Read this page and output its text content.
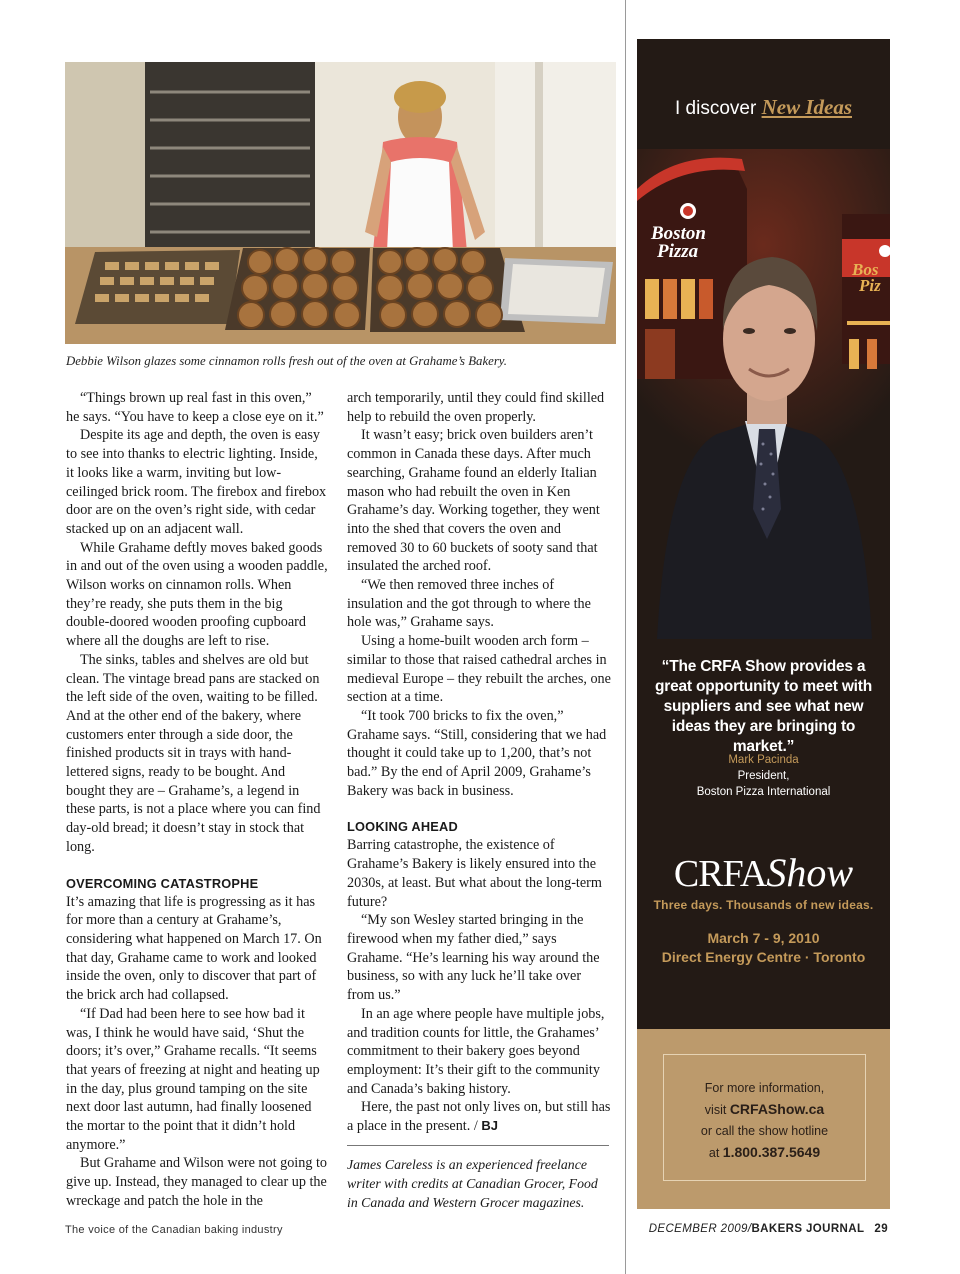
Debbie Wilson glazes some cinnamon rolls fresh out of the oven at Grahame’s Bakery.

“Things brown up real fast in this oven,” he says. “You have to keep a close eye on it.”

Despite its age and depth, the oven is easy to see into thanks to electric lighting. Inside, it looks like a warm, inviting but low-ceilinged brick room. The firebox and firebox door are on the oven’s right side, with cedar stacked up on an adjacent wall.

While Grahame deftly moves baked goods in and out of the oven using a wooden paddle, Wilson works on cinnamon rolls. When they’re ready, she puts them in the big double-doored wooden proofing cupboard where all the doughs are left to rise.

The sinks, tables and shelves are old but clean. The vintage bread pans are stacked on the left side of the oven, waiting to be filled. And at the other end of the bakery, where customers enter through a side door, the finished products sit in trays with hand-lettered signs, ready to be bought. And bought they are – Grahame’s, a legend in these parts, is not a place where you can find day-old bread; it doesn’t stay in stock that long.

OVERCOMING CATASTROPHE

It’s amazing that life is progressing as it has for more than a century at Grahame’s, considering what happened on March 17. On that day, Grahame came to work and looked inside the oven, only to discover that part of the brick arch had collapsed.

“If Dad had been here to see how bad it was, I think he would have said, ‘Shut the doors; it’s over,” Grahame recalls. “It seems that years of freezing at night and heating up in the day, plus ground tamping on the site next door last autumn, had finally loosened the mortar to the point that it didn’t hold anymore.”

But Grahame and Wilson were not going to give up. Instead, they managed to clear up the wreckage and patch the hole in the

arch temporarily, until they could find skilled help to rebuild the oven properly.

It wasn’t easy; brick oven builders aren’t common in Canada these days. After much searching, Grahame found an elderly Italian mason who had rebuilt the oven in Ken Grahame’s day. Working together, they went into the shed that covers the oven and removed 30 to 60 buckets of sooty sand that insulated the arched roof.

“We then removed three inches of insulation and the got through to where the hole was,” Grahame says.

Using a home-built wooden arch form – similar to those that raised cathedral arches in medieval Europe – they rebuilt the arches, one section at a time.

“It took 700 bricks to fix the oven,” Grahame says. “Still, considering that we had thought it could take up to 1,200, that’s not bad.” By the end of April 2009, Grahame’s Bakery was back in business.

LOOKING AHEAD

Barring catastrophe, the existence of Grahame’s Bakery is likely ensured into the 2030s, at least. But what about the long-term future?

“My son Wesley started bringing in the firewood when my father died,” says Grahame. “He’s learning his way around the business, so with any luck he’ll take over from us.”

In an age where people have multiple jobs, and tradition counts for little, the Grahames’ commitment to their bakery goes beyond employment: It’s their gift to the community and Canada’s baking history.

Here, the past not only lives on, but still has a place in the present. / BJ

James Careless is an experienced freelance writer with credits at Canadian Grocer, Food in Canada and Western Grocer magazines.

The voice of the Canadian baking industry	DECEMBER 2009/BAKERS JOURNAL 29
Boston
Pizza
Bos
Piz
I discover New Ideas
“The CRFA Show provides a great opportunity to meet with suppliers and see what new ideas they are bringing to market.”
Mark Pacinda
President,
Boston Pizza International
CRFAShow
Three days. Thousands of new ideas.
March 7 - 9, 2010
Direct Energy Centre · Toronto
For more information,
visit CRFAShow.ca
or call the show hotline
at 1.800.387.5649
